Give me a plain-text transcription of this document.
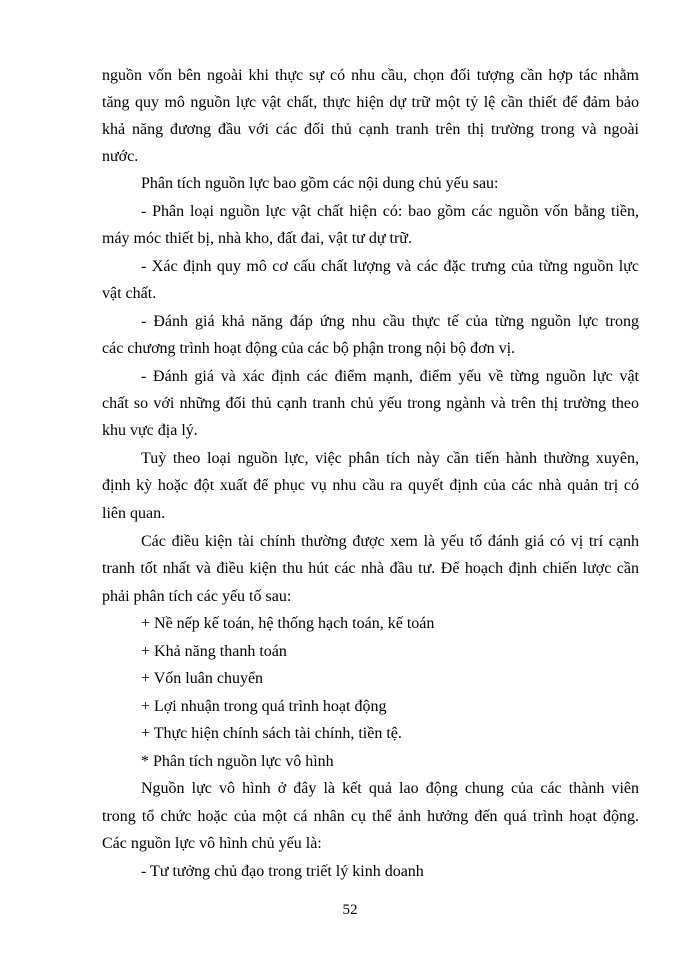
nguồn vốn bên ngoài khi thực sự có nhu cầu, chọn đối tượng cần hợp tác nhằm
tăng quy mô nguồn lực vật chất, thực hiện dự trữ một tỷ lệ cần thiết để đảm bảo
khả năng đương đầu với các đối thủ cạnh tranh trên thị trường trong và ngoài
nước.
Phân tích nguồn lực bao gồm các nội dung chủ yếu sau:
- Phân loại nguồn lực vật chất hiện có: bao gồm các nguồn vốn bằng tiền,
máy móc thiết bị, nhà kho, đất đai, vật tư dự trữ.
- Xác định quy mô cơ cấu chất lượng và các đặc trưng của từng nguồn lực
vật chất.
- Đánh giá khả năng đáp ứng nhu cầu thực tế của từng nguồn lực trong
các chương trình hoạt động của các bộ phận trong nội bộ đơn vị.
- Đánh giá và xác định các điểm mạnh, điểm yếu về từng nguồn lực vật
chất so với những đối thủ cạnh tranh chủ yếu trong ngành và trên thị trường theo
khu vực địa lý.
Tuỳ theo loại nguồn lực, việc phân tích này cần tiến hành thường xuyên,
định kỳ hoặc đột xuất để phục vụ nhu cầu ra quyết định của các nhà quản trị có
liên quan.
Các điều kiện tài chính thường được xem là yếu tố đánh giá có vị trí cạnh
tranh tốt nhất và điều kiện thu hút các nhà đầu tư. Để hoạch định chiến lược cần
phải phân tích các yếu tố sau:
+ Nề nếp kế toán, hệ thống hạch toán, kế toán
+ Khả năng thanh toán
+ Vốn luân chuyển
+ Lợi nhuận trong quá trình hoạt động
+ Thực hiện chính sách tài chính, tiền tệ.
* Phân tích nguồn lực vô hình
Nguồn lực vô hình ở đây là kết quả lao động chung của các thành viên
trong tổ chức hoặc của một cá nhân cụ thể ảnh hưởng đến quá trình hoạt động.
Các nguồn lực vô hình chủ yếu là:
- Tư tưởng chủ đạo trong triết lý kinh doanh
52
